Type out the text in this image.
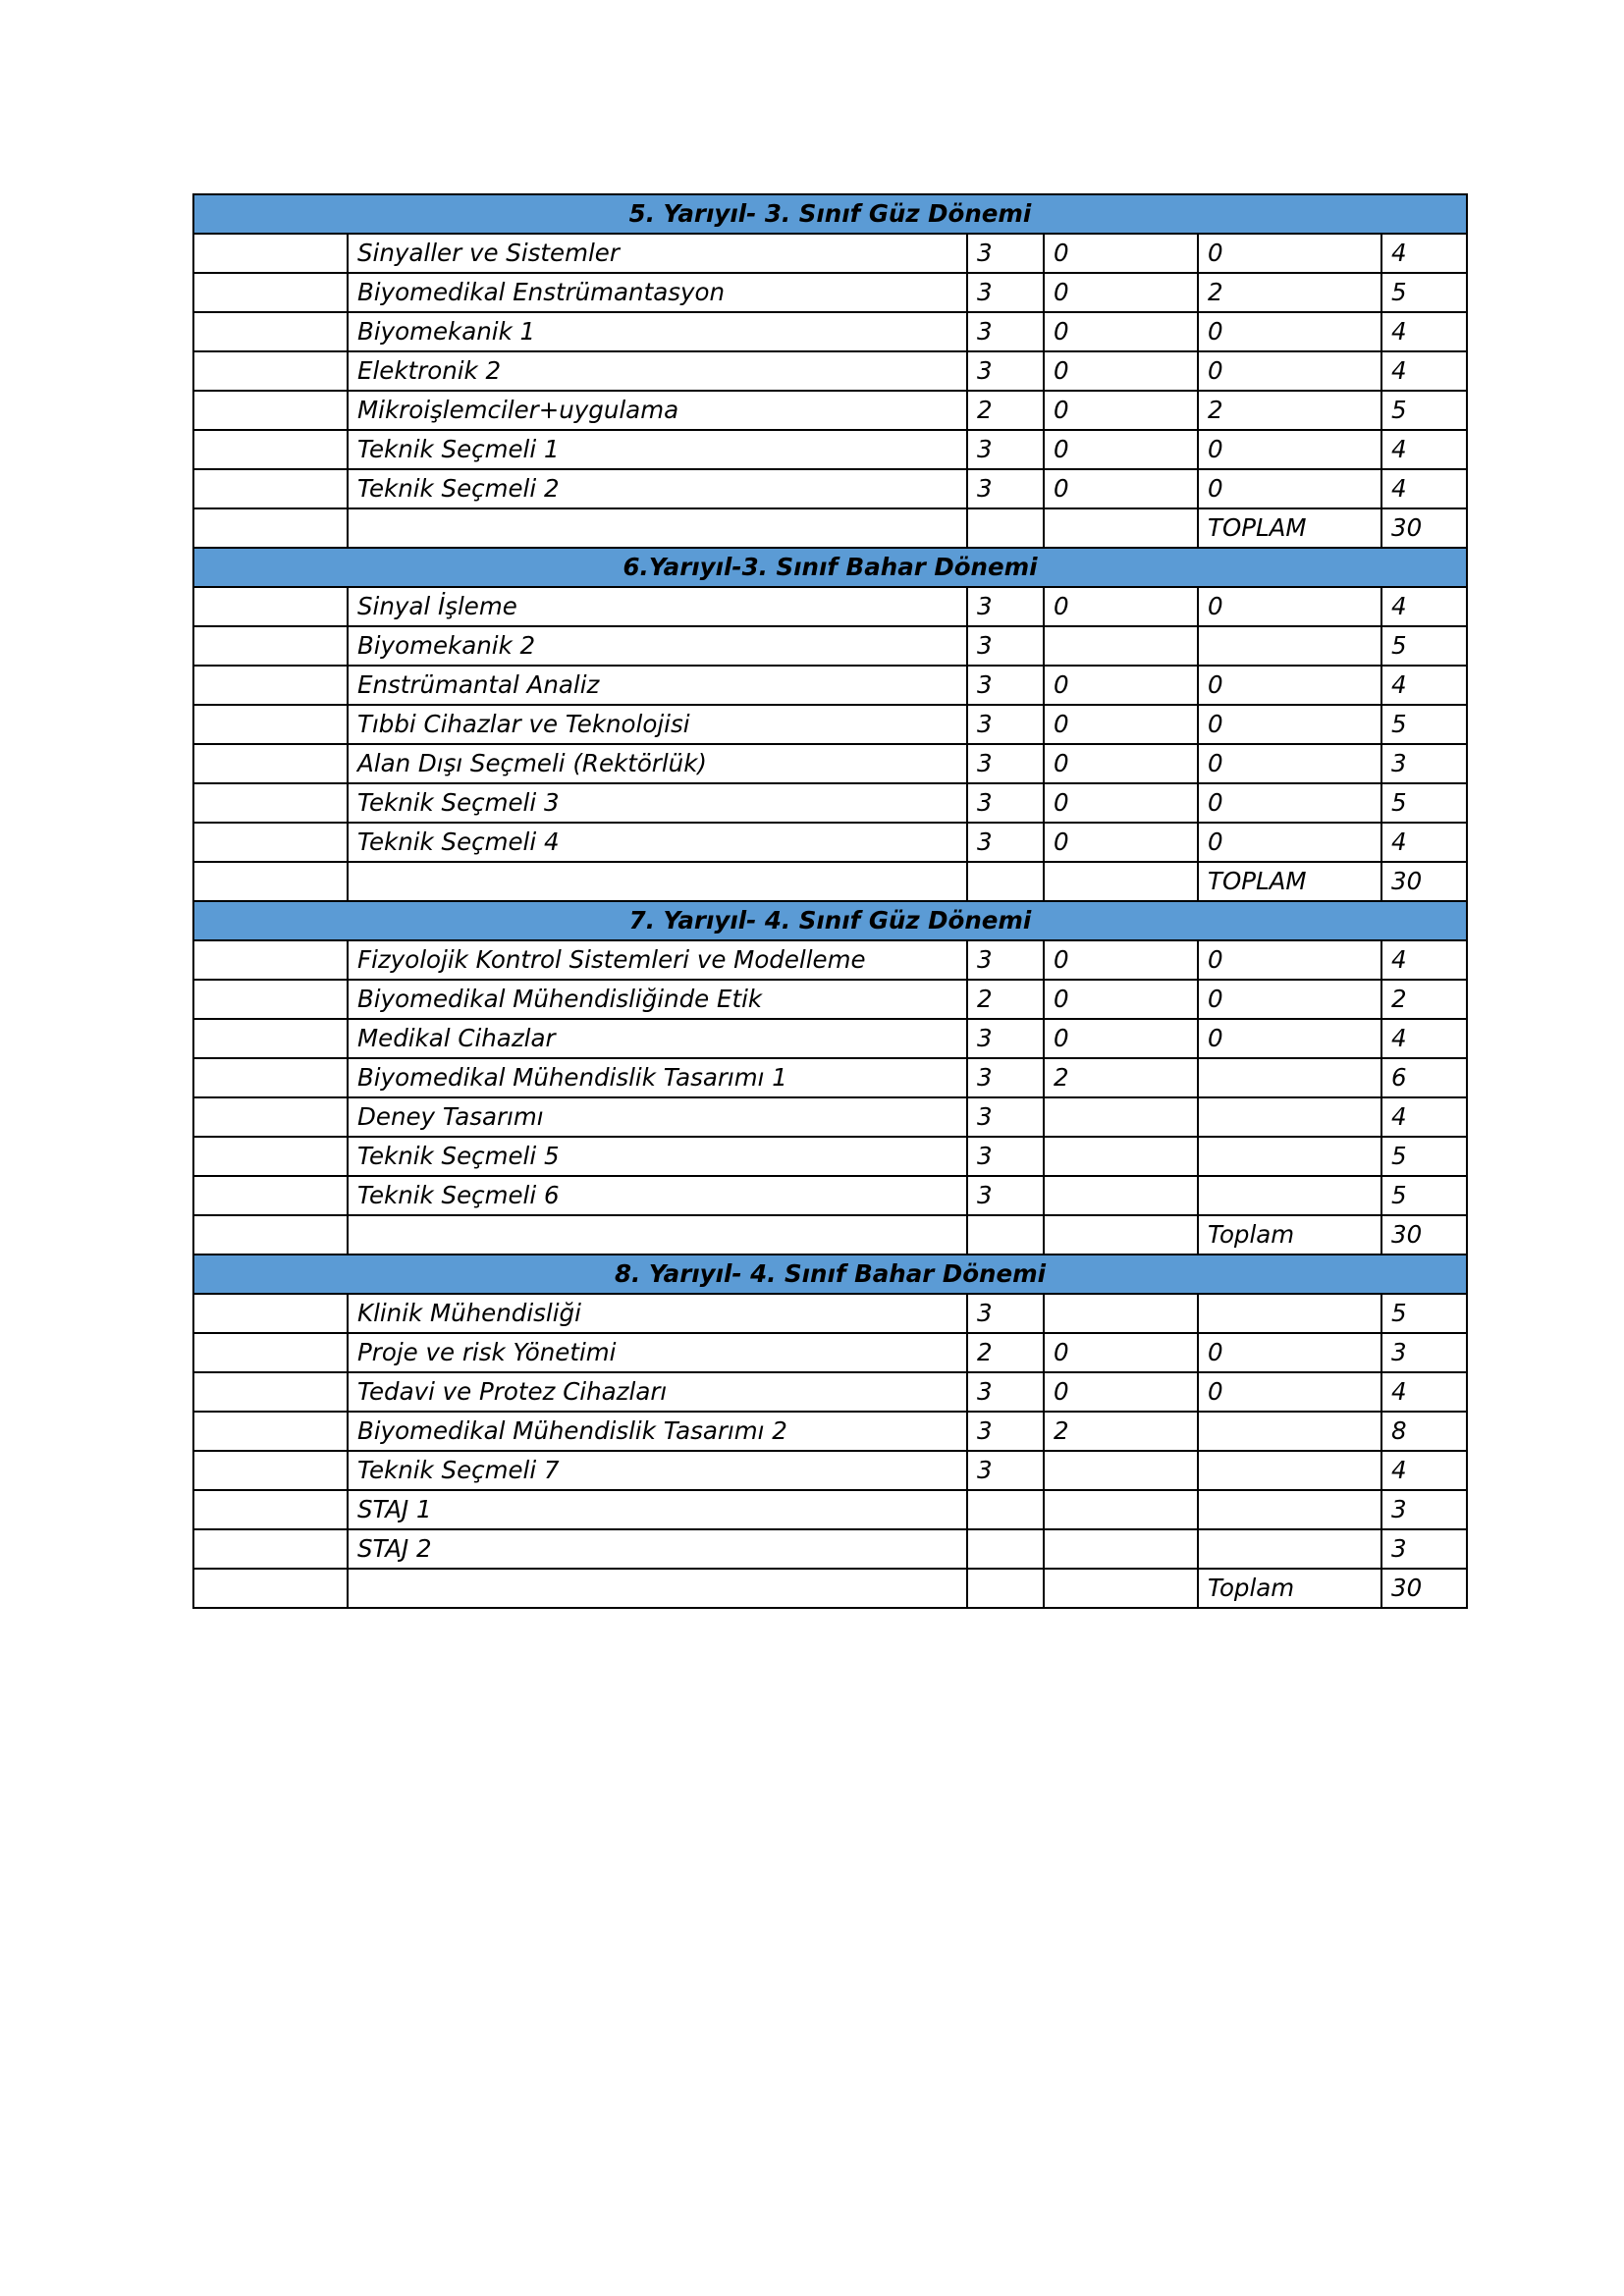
5. Yarıyıl- 3. Sınıf Güz Dönemi					
	Sinyaller ve Sistemler	3	0	0	4
	Biyomedikal Enstrümantasyon	3	0	2	5
	Biyomekanik 1	3	0	0	4
	Elektronik 2	3	0	0	4
	Mikroişlemciler+uygulama	2	0	2	5
	Teknik Seçmeli 1	3	0	0	4
	Teknik Seçmeli 2	3	0	0	4
				TOPLAM	30
6.Yarıyıl-3. Sınıf Bahar Dönemi					
	Sinyal İşleme	3	0	0	4
	Biyomekanik 2	3			5
	Enstrümantal Analiz	3	0	0	4
	Tıbbi Cihazlar ve Teknolojisi	3	0	0	5
	Alan Dışı Seçmeli (Rektörlük)	3	0	0	3
	Teknik Seçmeli 3	3	0	0	5
	Teknik Seçmeli 4	3	0	0	4
				TOPLAM	30
7. Yarıyıl- 4. Sınıf Güz Dönemi					
	Fizyolojik Kontrol Sistemleri ve Modelleme	3	0	0	4
	Biyomedikal Mühendisliğinde Etik	2	0	0	2
	Medikal Cihazlar	3	0	0	4
	Biyomedikal Mühendislik Tasarımı 1	3	2		6
	Deney Tasarımı	3			4
	Teknik Seçmeli 5	3			5
	Teknik Seçmeli 6	3			5
				Toplam	30
8. Yarıyıl- 4. Sınıf Bahar Dönemi					
	Klinik Mühendisliği	3			5
	Proje ve risk Yönetimi	2	0	0	3
	Tedavi ve Protez Cihazları	3	0	0	4
	Biyomedikal Mühendislik Tasarımı 2	3	2		8
	Teknik Seçmeli 7	3			4
	STAJ 1				3
	STAJ 2				3
				Toplam	30
